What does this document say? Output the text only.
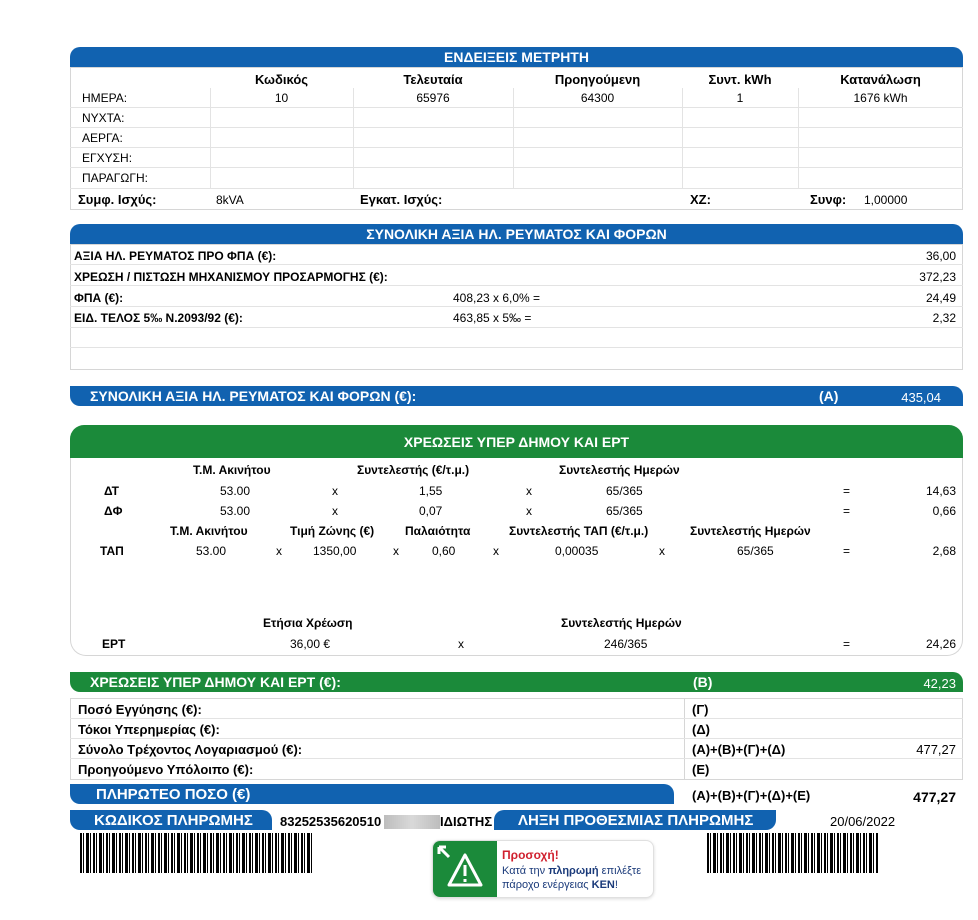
ΕΝΔΕΙΞΕΙΣ ΜΕΤΡΗΤΗ
Κωδικός	Τελευταία	Προηγούμενη	Συντ. kWh	Κατανάλωση
ΗΜΕΡΑ:	10	65976	64300	1	1676 kWh
ΝΥΧΤΑ:
ΑΕΡΓΑ:
ΕΓΧΥΣΗ:
ΠΑΡΑΓΩΓΗ:
Συμφ. Ισχύς:	8kVA	Εγκατ. Ισχύς:	ΧΖ:	Συνφ: 1,00000
ΣΥΝΟΛΙΚΗ ΑΞΙΑ ΗΛ. ΡΕΥΜΑΤΟΣ ΚΑΙ ΦΟΡΩΝ
ΑΞΙΑ ΗΛ. ΡΕΥΜΑΤΟΣ ΠΡΟ ΦΠΑ (€):	36,00
ΧΡΕΩΣΗ / ΠΙΣΤΩΣΗ ΜΗΧΑΝΙΣΜΟΥ ΠΡΟΣΑΡΜΟΓΗΣ (€):	372,23
ΦΠΑ (€):	408,23 x 6,0% =	24,49
ΕΙΔ. ΤΕΛΟΣ 5‰ Ν.2093/92 (€):	463,85 x 5‰ =	2,32
ΣΥΝΟΛΙΚΗ ΑΞΙΑ ΗΛ. ΡΕΥΜΑΤΟΣ ΚΑΙ ΦΟΡΩΝ (€):	(Α)	435,04
ΧΡΕΩΣΕΙΣ ΥΠΕΡ ΔΗΜΟΥ ΚΑΙ ΕΡΤ
Τ.Μ. Ακινήτου	Συντελεστής (€/τ.μ.)	Συντελεστής Ημερών
ΔΤ	53.00	x	1,55	x	65/365	=	14,63
ΔΦ	53.00	x	0,07	x	65/365	=	0,66
Τ.Μ. Ακινήτου	Τιμή Ζώνης (€)	Παλαιότητα	Συντελεστής ΤΑΠ (€/τ.μ.)	Συντελεστής Ημερών
ΤΑΠ	53.00	x	1350,00	x	0,60	x	0,00035	x	65/365	=	2,68
Ετήσια Χρέωση	Συντελεστής Ημερών
ΕΡΤ	36,00 €	x	246/365	=	24,26
ΧΡΕΩΣΕΙΣ ΥΠΕΡ ΔΗΜΟΥ ΚΑΙ ΕΡΤ (€):	(Β)	42,23
Ποσό Εγγύησης (€):	(Γ)
Τόκοι Υπερημερίας (€):	(Δ)
Σύνολο Τρέχοντος Λογαριασμού (€):	(Α)+(Β)+(Γ)+(Δ)	477,27
Προηγούμενο Υπόλοιπο (€):	(Ε)
ΠΛΗΡΩΤΕΟ ΠΟΣΟ (€)	(Α)+(Β)+(Γ)+(Δ)+(Ε)	477,27
ΚΩΔΙΚΟΣ ΠΛΗΡΩΜΗΣ 83252535620510	ΙΔΙΩΤΗΣ ΛΗΞΗ ΠΡΟΘΕΣΜΙΑΣ ΠΛΗΡΩΜΗΣ	20/06/2022
Προσοχή!
Κατά την πληρωμή επιλέξτε
πάροχο ενέργειας ΚΕΝ!
